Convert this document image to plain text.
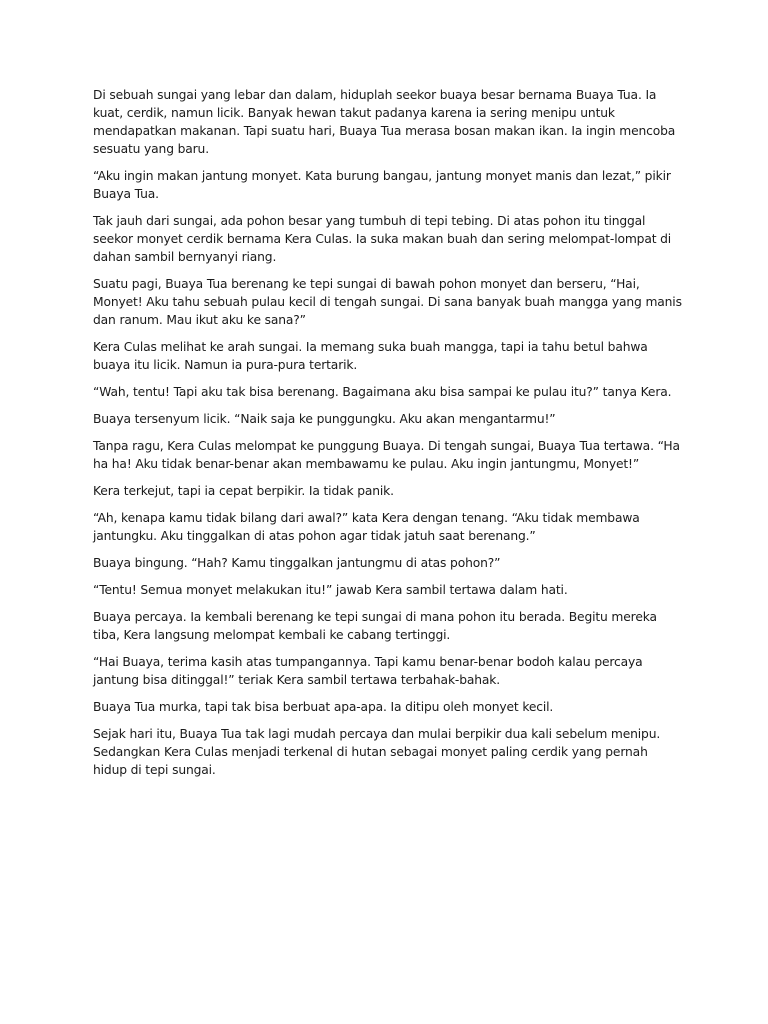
Di sebuah sungai yang lebar dan dalam, hiduplah seekor buaya besar bernama Buaya Tua. Ia kuat, cerdik, namun licik. Banyak hewan takut padanya karena ia sering menipu untuk mendapatkan makanan. Tapi suatu hari, Buaya Tua merasa bosan makan ikan. Ia ingin mencoba sesuatu yang baru.

“Aku ingin makan jantung monyet. Kata burung bangau, jantung monyet manis dan lezat,” pikir Buaya Tua.

Tak jauh dari sungai, ada pohon besar yang tumbuh di tepi tebing. Di atas pohon itu tinggal seekor monyet cerdik bernama Kera Culas. Ia suka makan buah dan sering melompat-lompat di dahan sambil bernyanyi riang.

Suatu pagi, Buaya Tua berenang ke tepi sungai di bawah pohon monyet dan berseru, “Hai, Monyet! Aku tahu sebuah pulau kecil di tengah sungai. Di sana banyak buah mangga yang manis dan ranum. Mau ikut aku ke sana?”

Kera Culas melihat ke arah sungai. Ia memang suka buah mangga, tapi ia tahu betul bahwa buaya itu licik. Namun ia pura-pura tertarik.

“Wah, tentu! Tapi aku tak bisa berenang. Bagaimana aku bisa sampai ke pulau itu?” tanya Kera.

Buaya tersenyum licik. “Naik saja ke punggungku. Aku akan mengantarmu!”

Tanpa ragu, Kera Culas melompat ke punggung Buaya. Di tengah sungai, Buaya Tua tertawa. “Ha ha ha! Aku tidak benar-benar akan membawamu ke pulau. Aku ingin jantungmu, Monyet!”

Kera terkejut, tapi ia cepat berpikir. Ia tidak panik.

“Ah, kenapa kamu tidak bilang dari awal?” kata Kera dengan tenang. “Aku tidak membawa jantungku. Aku tinggalkan di atas pohon agar tidak jatuh saat berenang.”

Buaya bingung. “Hah? Kamu tinggalkan jantungmu di atas pohon?”

“Tentu! Semua monyet melakukan itu!” jawab Kera sambil tertawa dalam hati.

Buaya percaya. Ia kembali berenang ke tepi sungai di mana pohon itu berada. Begitu mereka tiba, Kera langsung melompat kembali ke cabang tertinggi.

“Hai Buaya, terima kasih atas tumpangannya. Tapi kamu benar-benar bodoh kalau percaya jantung bisa ditinggal!” teriak Kera sambil tertawa terbahak-bahak.

Buaya Tua murka, tapi tak bisa berbuat apa-apa. Ia ditipu oleh monyet kecil.

Sejak hari itu, Buaya Tua tak lagi mudah percaya dan mulai berpikir dua kali sebelum menipu. Sedangkan Kera Culas menjadi terkenal di hutan sebagai monyet paling cerdik yang pernah hidup di tepi sungai.
